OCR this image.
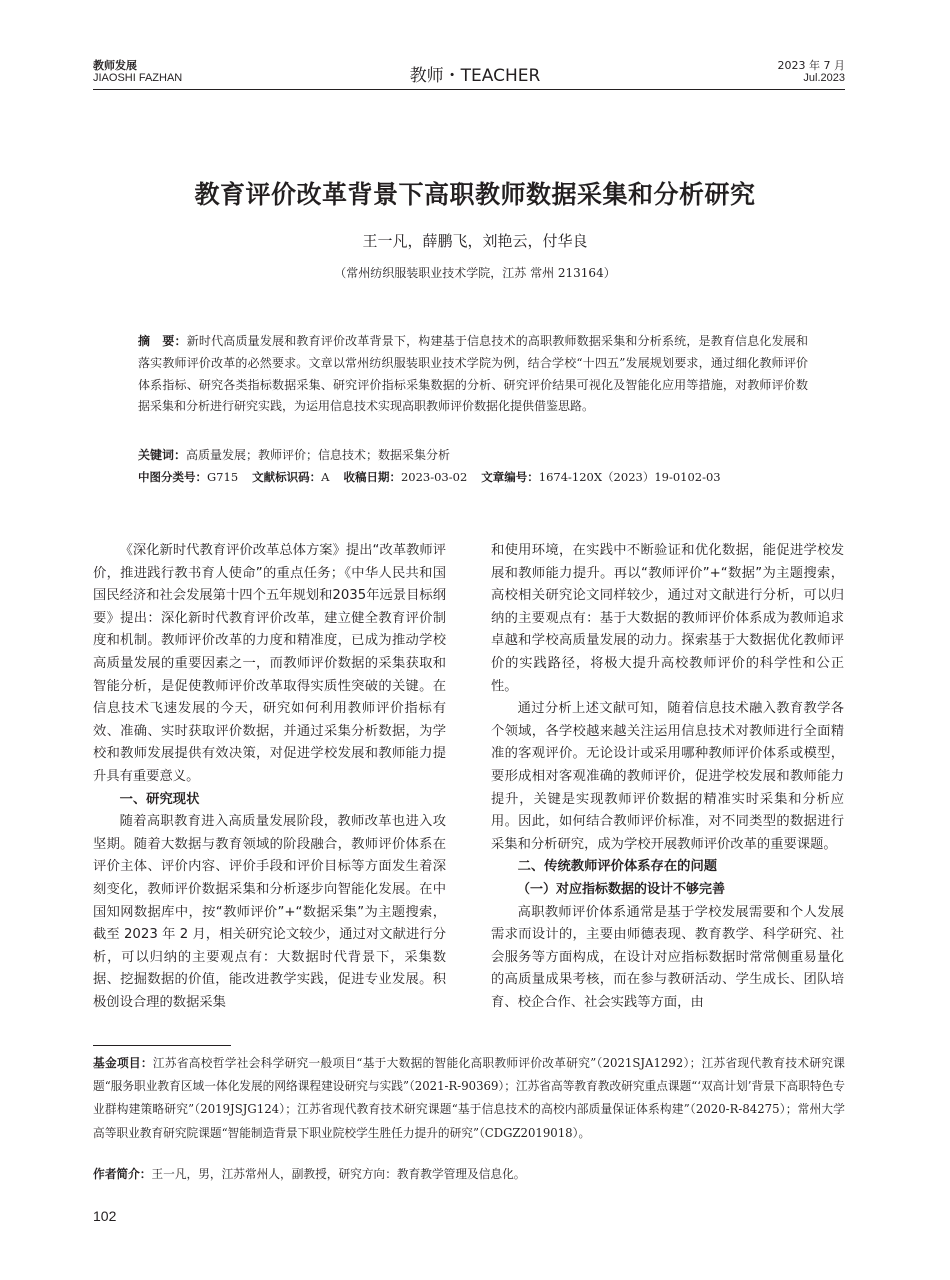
教师发展
JIAOSHI FAZHAN	教师・TEACHER
2023 年 7 月
Jul.2023
教育评价改革背景下高职教师数据采集和分析研究
王一凡，薛鹏飞，刘艳云，付华良
（常州纺织服装职业技术学院，江苏 常州 213164）
摘　要：新时代高质量发展和教育评价改革背景下，构建基于信息技术的高职教师数据采集和分析系统，是教育信息化发展和落实教师评价改革的必然要求。文章以常州纺织服装职业技术学院为例，结合学校“十四五”发展规划要求，通过细化教师评价体系指标、研究各类指标数据采集、研究评价指标采集数据的分析、研究评价结果可视化及智能化应用等措施，对教师评价数据采集和分析进行研究实践，为运用信息技术实现高职教师评价数据化提供借鉴思路。
关键词：高质量发展；教师评价；信息技术；数据采集分析
中图分类号：G715 文献标识码：A 收稿日期：2023-03-02 文章编号：1674-120X（2023）19-0102-03

《深化新时代教育评价改革总体方案》提出“改革教师评价，推进践行教书育人使命”的重点任务；《中华人民共和国国民经济和社会发展第十四个五年规划和2035年远景目标纲要》提出：深化新时代教育评价改革，建立健全教育评价制度和机制。教师评价改革的力度和精准度，已成为推动学校高质量发展的重要因素之一，而教师评价数据的采集获取和智能分析，是促使教师评价改革取得实质性突破的关键。在信息技术飞速发展的今天，研究如何利用教师评价指标有效、准确、实时获取评价数据，并通过采集分析数据，为学校和教师发展提供有效决策，对促进学校发展和教师能力提升具有重要意义。

一、研究现状

随着高职教育进入高质量发展阶段，教师改革也进入攻坚期。随着大数据与教育领域的阶段融合，教师评价体系在评价主体、评价内容、评价手段和评价目标等方面发生着深刻变化，教师评价数据采集和分析逐步向智能化发展。在中国知网数据库中，按“教师评价”+“数据采集”为主题搜索，截至 2023 年 2 月，相关研究论文较少，通过对文献进行分析，可以归纳的主要观点有：大数据时代背景下，采集数据、挖掘数据的价值，能改进教学实践，促进专业发展。积极创设合理的数据采集

和使用环境，在实践中不断验证和优化数据，能促进学校发展和教师能力提升。再以“教师评价”+“数据”为主题搜索，高校相关研究论文同样较少，通过对文献进行分析，可以归纳的主要观点有：基于大数据的教师评价体系成为教师追求卓越和学校高质量发展的动力。探索基于大数据优化教师评价的实践路径，将极大提升高校教师评价的科学性和公正性。

通过分析上述文献可知，随着信息技术融入教育教学各个领域，各学校越来越关注运用信息技术对教师进行全面精准的客观评价。无论设计或采用哪种教师评价体系或模型，要形成相对客观准确的教师评价，促进学校发展和教师能力提升，关键是实现教师评价数据的精准实时采集和分析应用。因此，如何结合教师评价标准，对不同类型的数据进行采集和分析研究，成为学校开展教师评价改革的重要课题。

二、传统教师评价体系存在的问题
（一）对应指标数据的设计不够完善

高职教师评价体系通常是基于学校发展需要和个人发展需求而设计的，主要由师德表现、教育教学、科学研究、社会服务等方面构成，在设计对应指标数据时常常侧重易量化的高质量成果考核，而在参与教研活动、学生成长、团队培育、校企合作、社会实践等方面，由

基金项目：江苏省高校哲学社会科学研究一般项目“基于大数据的智能化高职教师评价改革研究”（2021SJA1292）；江苏省现代教育技术研究课题“服务职业教育区域一体化发展的网络课程建设研究与实践”（2021-R-90369）；江苏省高等教育教改研究重点课题“‘双高计划’背景下高职特色专业群构建策略研究”（2019JSJG124）；江苏省现代教育技术研究课题“基于信息技术的高校内部质量保证体系构建”（2020-R-84275）；常州大学高等职业教育研究院课题“智能制造背景下职业院校学生胜任力提升的研究”（CDGZ2019018）。
作者简介：王一凡，男，江苏常州人，副教授，研究方向：教育教学管理及信息化。
102
